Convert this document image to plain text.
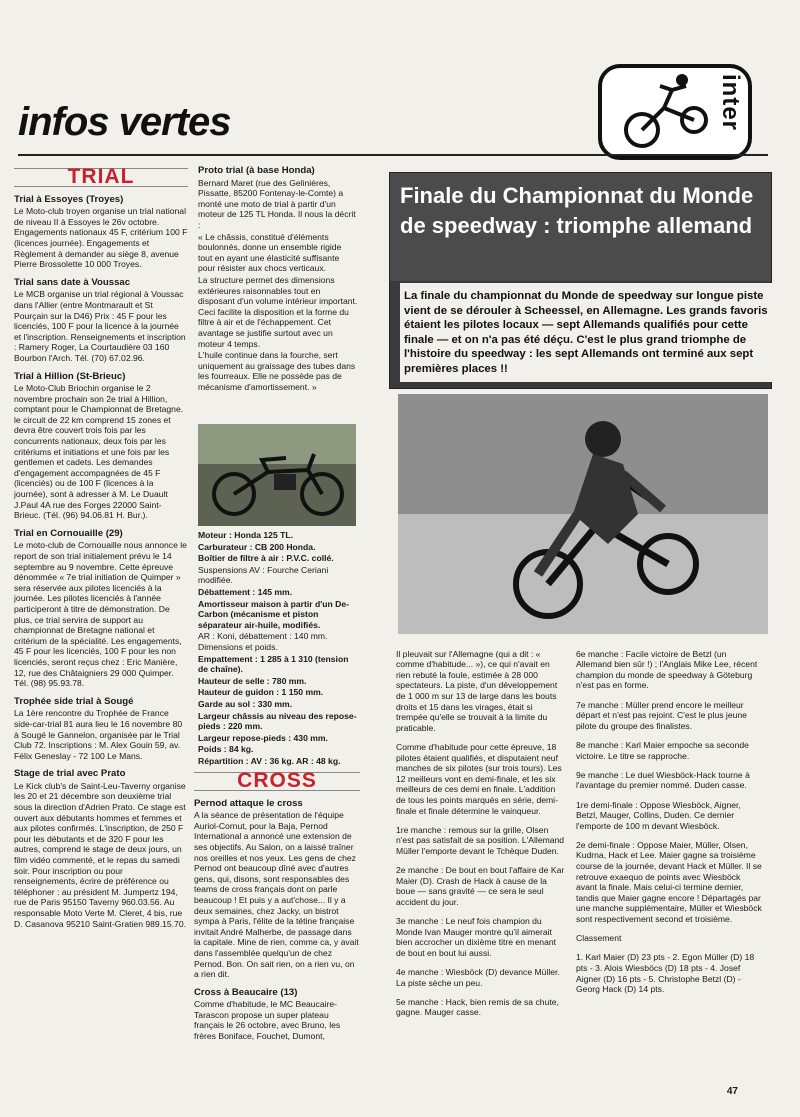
infos vertes	inter
TRIAL

Trial à Essoyes (Troyes)

Le Moto-club troyen organise un trial national de niveau II à Essoyes le 26v octobre. Engagements nationaux 45 F, critérium 100 F (licences journée). Engagements et Règlement à demander au siège 8, avenue Pierre Brossolette 10 000 Troyes.

Trial sans date à Voussac

Le MCB organise un trial régional à Voussac dans l'Allier (entre Montmarault et St Pourçain sur la D46) Prix : 45 F pour les licenciés, 100 F pour la licence à la journée et l'inscription. Renseignements et inscription : Ramery Roger, La Courtaudière 03 160 Bourbon l'Arch. Tél. (70) 67.02.96.

Trial à Hillion (St-Brieuc)

Le Moto-Club Briochin organise le 2 novembre prochain son 2e trial à Hillion, comptant pour le Championnat de Bretagne. le circuit de 22 km comprend 15 zones et devra être couvert trois fois par les concurrents nationaux, deux fois par les critériums et initiations et une fois par les gentlemen et cadets. Les demandes d'engagement accompagnées de 45 F (licenciés) ou de 100 F (licences à la journée), sont à adresser à M. Le Duault J.Paul 4A rue des Forges 22000 Saint-Brieuc. (Tél. (96) 94.06.81 H. Bur.).

Trial en Cornouaille (29)

Le moto-club de Cornouaille nous annonce le report de son trial initialement prévu le 14 septembre au 9 novembre. Cette épreuve dénommée « 7e trial initiation de Quimper » sera réservée aux pilotes licenciés à la journée. Les pilotes licenciés à l'année participeront à titre de démonstration. De plus, ce trial servira de support au championnat de Bretagne national et critérium de la spécialité. Les engagements, 45 F pour les licenciés, 100 F pour les non licenciés, seront reçus chez : Eric Manière, 12, rue des Châtaigniers 29 000 Quimper. Tél. (98) 95.93.78.

Trophée side trial à Sougé

La 1ère rencontre du Trophée de France side-car-trial 81 aura lieu le 16 novembre 80 à Sougé le Gannelon, organisée par le Trial Club 72. Inscriptions : M. Alex Gouin 59, av. Félix Geneslay - 72 100 Le Mans.

Stage de trial avec Prato

Le Kick club's de Saint-Leu-Taverny organise les 20 et 21 décembre son deuxième trial sous la direction d'Adrien Prato. Ce stage est ouvert aux débutants hommes et femmes et aux pilotes confirmés. L'inscription, de 250 F pour les débutants et de 320 F pour les autres, comprend le stage de deux jours, un film vidéo commenté, et le repas du samedi soir. Pour inscription ou pour renseignements, écrire de préférence ou téléphoner : au président M. Jumpertz 194, rue de Paris 95150 Taverny 960.03.56. Au responsable Moto Verte M. Cleret, 4 bis, rue D. Casanova 95210 Saint-Gratien 989.15.70.

Proto trial (à base Honda)

Bernard Maret (rue des Gelinières, Pissatte, 85200 Fontenay-le-Comte) a monté une moto de trial à partir d'un moteur de 125 TL Honda. Il nous la décrit :

« Le châssis, constitué d'éléments boulonnés, donne un ensemble rigide tout en ayant une élasticité suffisante pour résister aux chocs verticaux.

La structure permet des dimensions extérieures raisonnables tout en disposant d'un volume intérieur important. Ceci facilite la disposition et la forme du filtre à air et de l'échappement. Cet avantage se justifie surtout avec un moteur 4 temps.

L'huile continue dans la fourche, sert uniquement au graissage des tubes dans les fourreaux. Elle ne possède pas de mécanisme d'amortissement. »

Moteur : Honda 125 TL.

Carburateur : CB 200 Honda.

Boîtier de filtre à air : P.V.C. collé.

Suspensions AV : Fourche Ceriani modifiée.

Débattement : 145 mm.

Amortisseur maison à partir d'un De-Carbon (mécanisme et piston séparateur air-huile, modifiés.

AR : Koni, débattement : 140 mm. Dimensions et poids.

Empattement : 1 285 à 1 310 (tension de chaîne).

Hauteur de selle : 780 mm.

Hauteur de guidon : 1 150 mm.

Garde au sol : 330 mm.

Largeur châssis au niveau des repose-pieds : 220 mm.

Largeur repose-pieds : 430 mm.

Poids : 84 kg.

Répartition : AV : 36 kg. AR : 48 kg.

CROSS

Pernod attaque le cross

A la séance de présentation de l'équipe Auriol-Cornut, pour la Baja, Pernod International a annoncé une extension de ses objectifs. Au Salon, on a laissé traîner nos oreilles et nos yeux. Les gens de chez Pernod ont beaucoup dîné avec d'autres gens, qui, disons, sont responsables des teams de cross français dont on parle beaucoup ! Et puis y a aut'chose... Il y a deux semaines, chez Jacky, un bistrot sympa à Paris, l'élite de la tétine française invitait André Malherbe, de passage dans la capitale. Mine de rien, comme ca, y avait dans l'assemblée quelqu'un de chez Pernod. Bon. On sait rien, on a rien vu, on a rien dit.

Cross à Beaucaire (13)

Comme d'habitude, le MC Beaucaire-Tarascon propose un super plateau français le 26 octobre, avec Bruno, les frères Boniface, Fouchet, Dumont,

Finale du Championnat du Monde de speedway : triomphe allemand
La finale du championnat du Monde de speedway sur longue piste vient de se dérouler à Scheessel, en Allemagne. Les grands favoris étaient les pilotes locaux — sept Allemands qualifiés pour cette finale — et on n'a pas été déçu. C'est le plus grand triomphe de l'histoire du speedway : les sept Allemands ont terminé aux sept premières places !!

Il pleuvait sur l'Allemagne (qui a dit : « comme d'habitude... »), ce qui n'avait en rien rebuté la foule, estimée à 28 000 spectateurs. La piste, d'un développement de 1 000 m sur 13 de large dans les bouts droits et 15 dans les virages, était si trempée qu'elle se trouvait à la limite du praticable.

Comme d'habitude pour cette épreuve, 18 pilotes étaient qualifiés, et disputaient neuf manches de six pilotes (sur trois tours). Les 12 meilleurs vont en demi-finale, et les six meilleurs de ces demi en finale. L'addition de tous les points marqués en série, demi-finale et finale détermine le vainqueur.

1re manche : remous sur la grille, Olsen n'est pas satisfait de sa position. L'Allemand Müller l'emporte devant le Tchèque Duden.

2e manche : De bout en bout l'affaire de Kar Maier (D). Crash de Hack à cause de la boue — sans gravité — ce sera le seul accident du jour.

3e manche : Le neuf fois champion du Monde Ivan Mauger montre qu'il aimerait bien accrocher un dixième titre en menant de bout en bout lui aussi.

4e manche : Wiesböck (D) devance Müller. La piste sèche un peu.

5e manche : Hack, bien remis de sa chute, gagne. Mauger casse.

6e manche : Facile victoire de Betzl (un Allemand bien sûr !) ; l'Anglais Mike Lee, récent champion du monde de speedway à Göteburg n'est pas en forme.

7e manche : Müller prend encore le meilleur départ et n'est pas rejoint. C'est le plus jeune pilote du groupe des finalistes.

8e manche : Karl Maier empoche sa seconde victoire. Le titre se rapproche.

9e manche : Le duel Wiesböck-Hack tourne à l'avantage du premier nommé. Duden casse.

1re demi-finale : Oppose Wiesböck, Aigner, Betzl, Mauger, Collins, Duden. Ce dernier l'emporte de 100 m devant Wiesböck.

2e demi-finale : Oppose Maier, Müller, Olsen, Kudrna, Hack et Lee. Maier gagne sa troisième course de la journée, devant Hack et Müller. Il se retrouve exaequo de points avec Wiesböck avant la finale. Mais celui-ci termine dernier, tandis que Maier gagne encore ! Départagés par une manche supplémentaire, Müller et Wiesböck sont respectivement second et troisième.

Classement

1. Karl Maier (D) 23 pts - 2. Egon Müller (D) 18 pts - 3. Alois Wiesböcs (D) 18 pts - 4. Josef Aigner (D) 16 pts - 5. Christophe Betzl (D) - Georg Hack (D) 14 pts.

47
